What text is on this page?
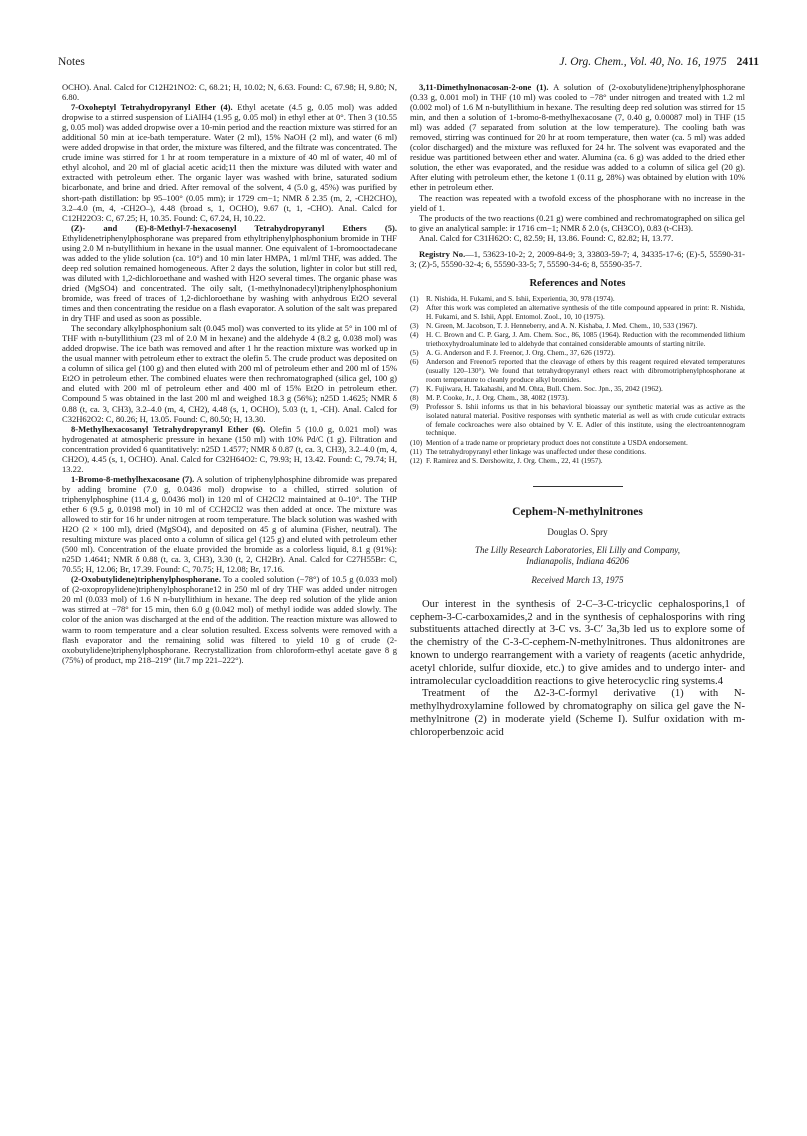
Notes	J. Org. Chem., Vol. 40, No. 16, 1975 2411

OCHO). Anal. Calcd for C12H21NO2: C, 68.21; H, 10.02; N, 6.63. Found: C, 67.98; H, 9.80; N, 6.80.

7-Oxoheptyl Tetrahydropyranyl Ether (4). Ethyl acetate (4.5 g, 0.05 mol) was added dropwise to a stirred suspension of LiAlH4 (1.95 g, 0.05 mol) in ethyl ether at 0°. Then 3 (10.55 g, 0.05 mol) was added dropwise over a 10-min period and the reaction mixture was stirred for an additional 50 min at ice-bath temperature. Water (2 ml), 15% NaOH (2 ml), and water (6 ml) were added dropwise in that order, the mixture was filtered, and the filtrate was concentrated. The crude imine was stirred for 1 hr at room temperature in a mixture of 40 ml of water, 40 ml of ethyl alcohol, and 20 ml of glacial acetic acid;11 then the mixture was diluted with water and extracted with petroleum ether. The organic layer was washed with brine, saturated sodium bicarbonate, and brine and dried. After removal of the solvent, 4 (5.0 g, 45%) was purified by short-path distillation: bp 95–100° (0.05 mm); ir 1729 cm−1; NMR δ 2.35 (m, 2, -CH2CHO), 3.2–4.0 (m, 4, -CH2O–), 4.48 (broad s, 1, OCHO), 9.67 (t, 1, -CHO). Anal. Calcd for C12H22O3: C, 67.25; H, 10.35. Found: C, 67.24, H, 10.22.

(Z)- and (E)-8-Methyl-7-hexacosenyl Tetrahydropyranyl Ethers (5). Ethylidenetriphenylphosphorane was prepared from ethyltriphenylphosphonium bromide in THF using 2.0 M n-butyllithium in hexane in the usual manner. One equivalent of 1-bromooctadecane was added to the ylide solution (ca. 10°) and 10 min later HMPA, 1 ml/ml THF, was added. The deep red solution remained homogeneous. After 2 days the solution, lighter in color but still red, was diluted with 1,2-dichloroethane and washed with H2O several times. The organic phase was dried (MgSO4) and concentrated. The oily salt, (1-methylnonadecyl)triphenylphosphonium bromide, was freed of traces of 1,2-dichloroethane by washing with anhydrous Et2O several times and then concentrating the residue on a flash evaporator. A solution of the salt was prepared in dry THF and used as soon as possible.

The secondary alkylphosphonium salt (0.045 mol) was converted to its ylide at 5° in 100 ml of THF with n-butyllithium (23 ml of 2.0 M in hexane) and the aldehyde 4 (8.2 g, 0.038 mol) was added dropwise. The ice bath was removed and after 1 hr the reaction mixture was worked up in the usual manner with petroleum ether to extract the olefin 5. The crude product was deposited on a column of silica gel (100 g) and then eluted with 200 ml of petroleum ether and 200 ml of 15% Et2O in petroleum ether. The combined eluates were then rechromatographed (silica gel, 100 g) and eluted with 200 ml of petroleum ether and 400 ml of 15% Et2O in petroleum ether. Compound 5 was obtained in the last 200 ml and weighed 18.3 g (56%); n25D 1.4625; NMR δ 0.88 (t, ca. 3, CH3), 3.2–4.0 (m, 4, CH2), 4.48 (s, 1, OCHO), 5.03 (t, 1, -CH). Anal. Calcd for C32H62O2: C, 80.26; H, 13.05. Found: C, 80.50; H, 13.30.

8-Methylhexacosanyl Tetrahydropyranyl Ether (6). Olefin 5 (10.0 g, 0.021 mol) was hydrogenated at atmospheric pressure in hexane (150 ml) with 10% Pd/C (1 g). Filtration and concentration provided 6 quantitatively: n25D 1.4577; NMR δ 0.87 (t, ca. 3, CH3), 3.2–4.0 (m, 4, CH2O), 4.45 (s, 1, OCHO). Anal. Calcd for C32H64O2: C, 79.93; H, 13.42. Found: C, 79.74; H, 13.22.

1-Bromo-8-methylhexacosane (7). A solution of triphenylphosphine dibromide was prepared by adding bromine (7.0 g, 0.0436 mol) dropwise to a chilled, stirred solution of triphenylphosphine (11.4 g, 0.0436 mol) in 120 ml of CH2Cl2 maintained at 0–10°. The THP ether 6 (9.5 g, 0.0198 mol) in 10 ml of CCH2Cl2 was then added at once. The mixture was allowed to stir for 16 hr under nitrogen at room temperature. The black solution was washed with H2O (2 × 100 ml), dried (MgSO4), and deposited on 45 g of alumina (Fisher, neutral). The resulting mixture was placed onto a column of silica gel (125 g) and eluted with petroleum ether (500 ml). Concentration of the eluate provided the bromide as a colorless liquid, 8.1 g (91%): n25D 1.4641; NMR δ 0.88 (t, ca. 3, CH3), 3.30 (t, 2, CH2Br). Anal. Calcd for C27H55Br: C, 70.55; H, 12.06; Br, 17.39. Found: C, 70.75; H, 12.08; Br, 17.16.

(2-Oxobutylidene)triphenylphosphorane. To a cooled solution (−78°) of 10.5 g (0.033 mol) of (2-oxopropylidene)triphenylphosphorane12 in 250 ml of dry THF was added under nitrogen 20 ml (0.033 mol) of 1.6 N n-butyllithium in hexane. The deep red solution of the ylide anion was stirred at −78° for 15 min, then 6.0 g (0.042 mol) of methyl iodide was added slowly. The color of the anion was discharged at the end of the addition. The reaction mixture was allowed to warm to room temperature and a clear solution resulted. Excess solvents were removed with a flash evaporator and the remaining solid was filtered to yield 10 g of crude (2-oxobutylidene)triphenylphosphorane. Recrystallization from chloroform-ethyl acetate gave 8 g (75%) of product, mp 218–219° (lit.7 mp 221–222°).

3,11-Dimethylnonacosan-2-one (1). A solution of (2-oxobutylidene)triphenylphosphorane (0.33 g, 0.001 mol) in THF (10 ml) was cooled to −78° under nitrogen and treated with 1.2 ml (0.002 mol) of 1.6 M n-butyllithium in hexane. The resulting deep red solution was stirred for 15 min, and then a solution of 1-bromo-8-methylhexacosane (7, 0.40 g, 0.00087 mol) in THF (15 ml) was added (7 separated from solution at the low temperature). The cooling bath was removed, stirring was continued for 20 hr at room temperature, then water (ca. 5 ml) was added (color discharged) and the mixture was refluxed for 24 hr. The solvent was evaporated and the residue was partitioned between ether and water. Alumina (ca. 6 g) was added to the dried ether solution, the ether was evaporated, and the residue was added to a column of silica gel (20 g). After eluting with petroleum ether, the ketone 1 (0.11 g, 28%) was obtained by elution with 10% ether in petroleum ether.

The reaction was repeated with a twofold excess of the phosphorane with no increase in the yield of 1.

The products of the two reactions (0.21 g) were combined and rechromatographed on silica gel to give an analytical sample: ir 1716 cm−1; NMR δ 2.0 (s, CH3CO), 0.83 (t-CH3).

Anal. Calcd for C31H62O: C, 82.59; H, 13.86. Found: C, 82.82; H, 13.77.

Registry No.—1, 53623-10-2; 2, 2009-84-9; 3, 33803-59-7; 4, 34335-17-6; (E)-5, 55590-31-3; (Z)-5, 55590-32-4; 6, 55590-33-5; 7, 55590-34-6; 8, 55590-35-7.

References and Notes
(1)	R. Nishida, H. Fukami, and S. Ishii, Experientia, 30, 978 (1974).
(2)	After this work was completed an alternative synthesis of the title compound appeared in print: R. Nishida, H. Fukami, and S. Ishii, Appl. Entomol. Zool., 10, 10 (1975).
(3)	N. Green, M. Jacobson, T. J. Henneberry, and A. N. Kishaba, J. Med. Chem., 10, 533 (1967).
(4)	H. C. Brown and C. P. Garg, J. Am. Chem. Soc., 86, 1085 (1964). Reduction with the recommended lithium triethoxyhydroaluminate led to aldehyde that contained considerable amounts of starting nitrile.
(5)	A. G. Anderson and F. J. Freenor, J. Org. Chem., 37, 626 (1972).
(6)	Anderson and Freenor5 reported that the cleavage of ethers by this reagent required elevated temperatures (usually 120–130°). We found that tetrahydropyranyl ethers react with dibromotriphenylphosphorane at room temperature to cleanly produce alkyl bromides.
(7)	K. Fujiwara, H. Takahashi, and M. Ohta, Bull. Chem. Soc. Jpn., 35, 2042 (1962).
(8)	M. P. Cooke, Jr., J. Org. Chem., 38, 4082 (1973).
(9)	Professor S. Ishii informs us that in his behavioral bioassay our synthetic material was as active as the isolated natural material. Positive responses with synthetic material as well as with crude cuticular extracts of female cockroaches were also obtained by V. E. Adler of this institute, using the electroantennogram technique.
(10) Mention of a trade name or proprietary product does not constitute a USDA endorsement.
(11) The tetrahydropyranyl ether linkage was unaffected under these conditions.
(12) F. Ramirez and S. Dershowitz, J. Org. Chem., 22, 41 (1957).
Cephem-N-methylnitrones
Douglas O. Spry
The Lilly Research Laboratories, Eli Lilly and Company,
Indianapolis, Indiana 46206
Received March 13, 1975

Our interest in the synthesis of 2-C–3-C-tricyclic cephalosporins,1 of cephem-3-C-carboxamides,2 and in the synthesis of cephalosporins with ring substituents attached directly at 3-C vs. 3-C′ 3a,3b led us to explore some of the chemistry of the C-3-C-cephem-N-methylnitrones. Thus aldonitrones are known to undergo rearrangement with a variety of reagents (acetic anhydride, acetyl chloride, sulfur dioxide, etc.) to give amides and to undergo inter- and intramolecular cycloaddition reactions to give heterocyclic ring systems.4

Treatment of the Δ2-3-C-formyl derivative (1) with N-methylhydroxylamine followed by chromatography on silica gel gave the N-methylnitrone (2) in moderate yield (Scheme I). Sulfur oxidation with m-chloroperbenzoic acid
